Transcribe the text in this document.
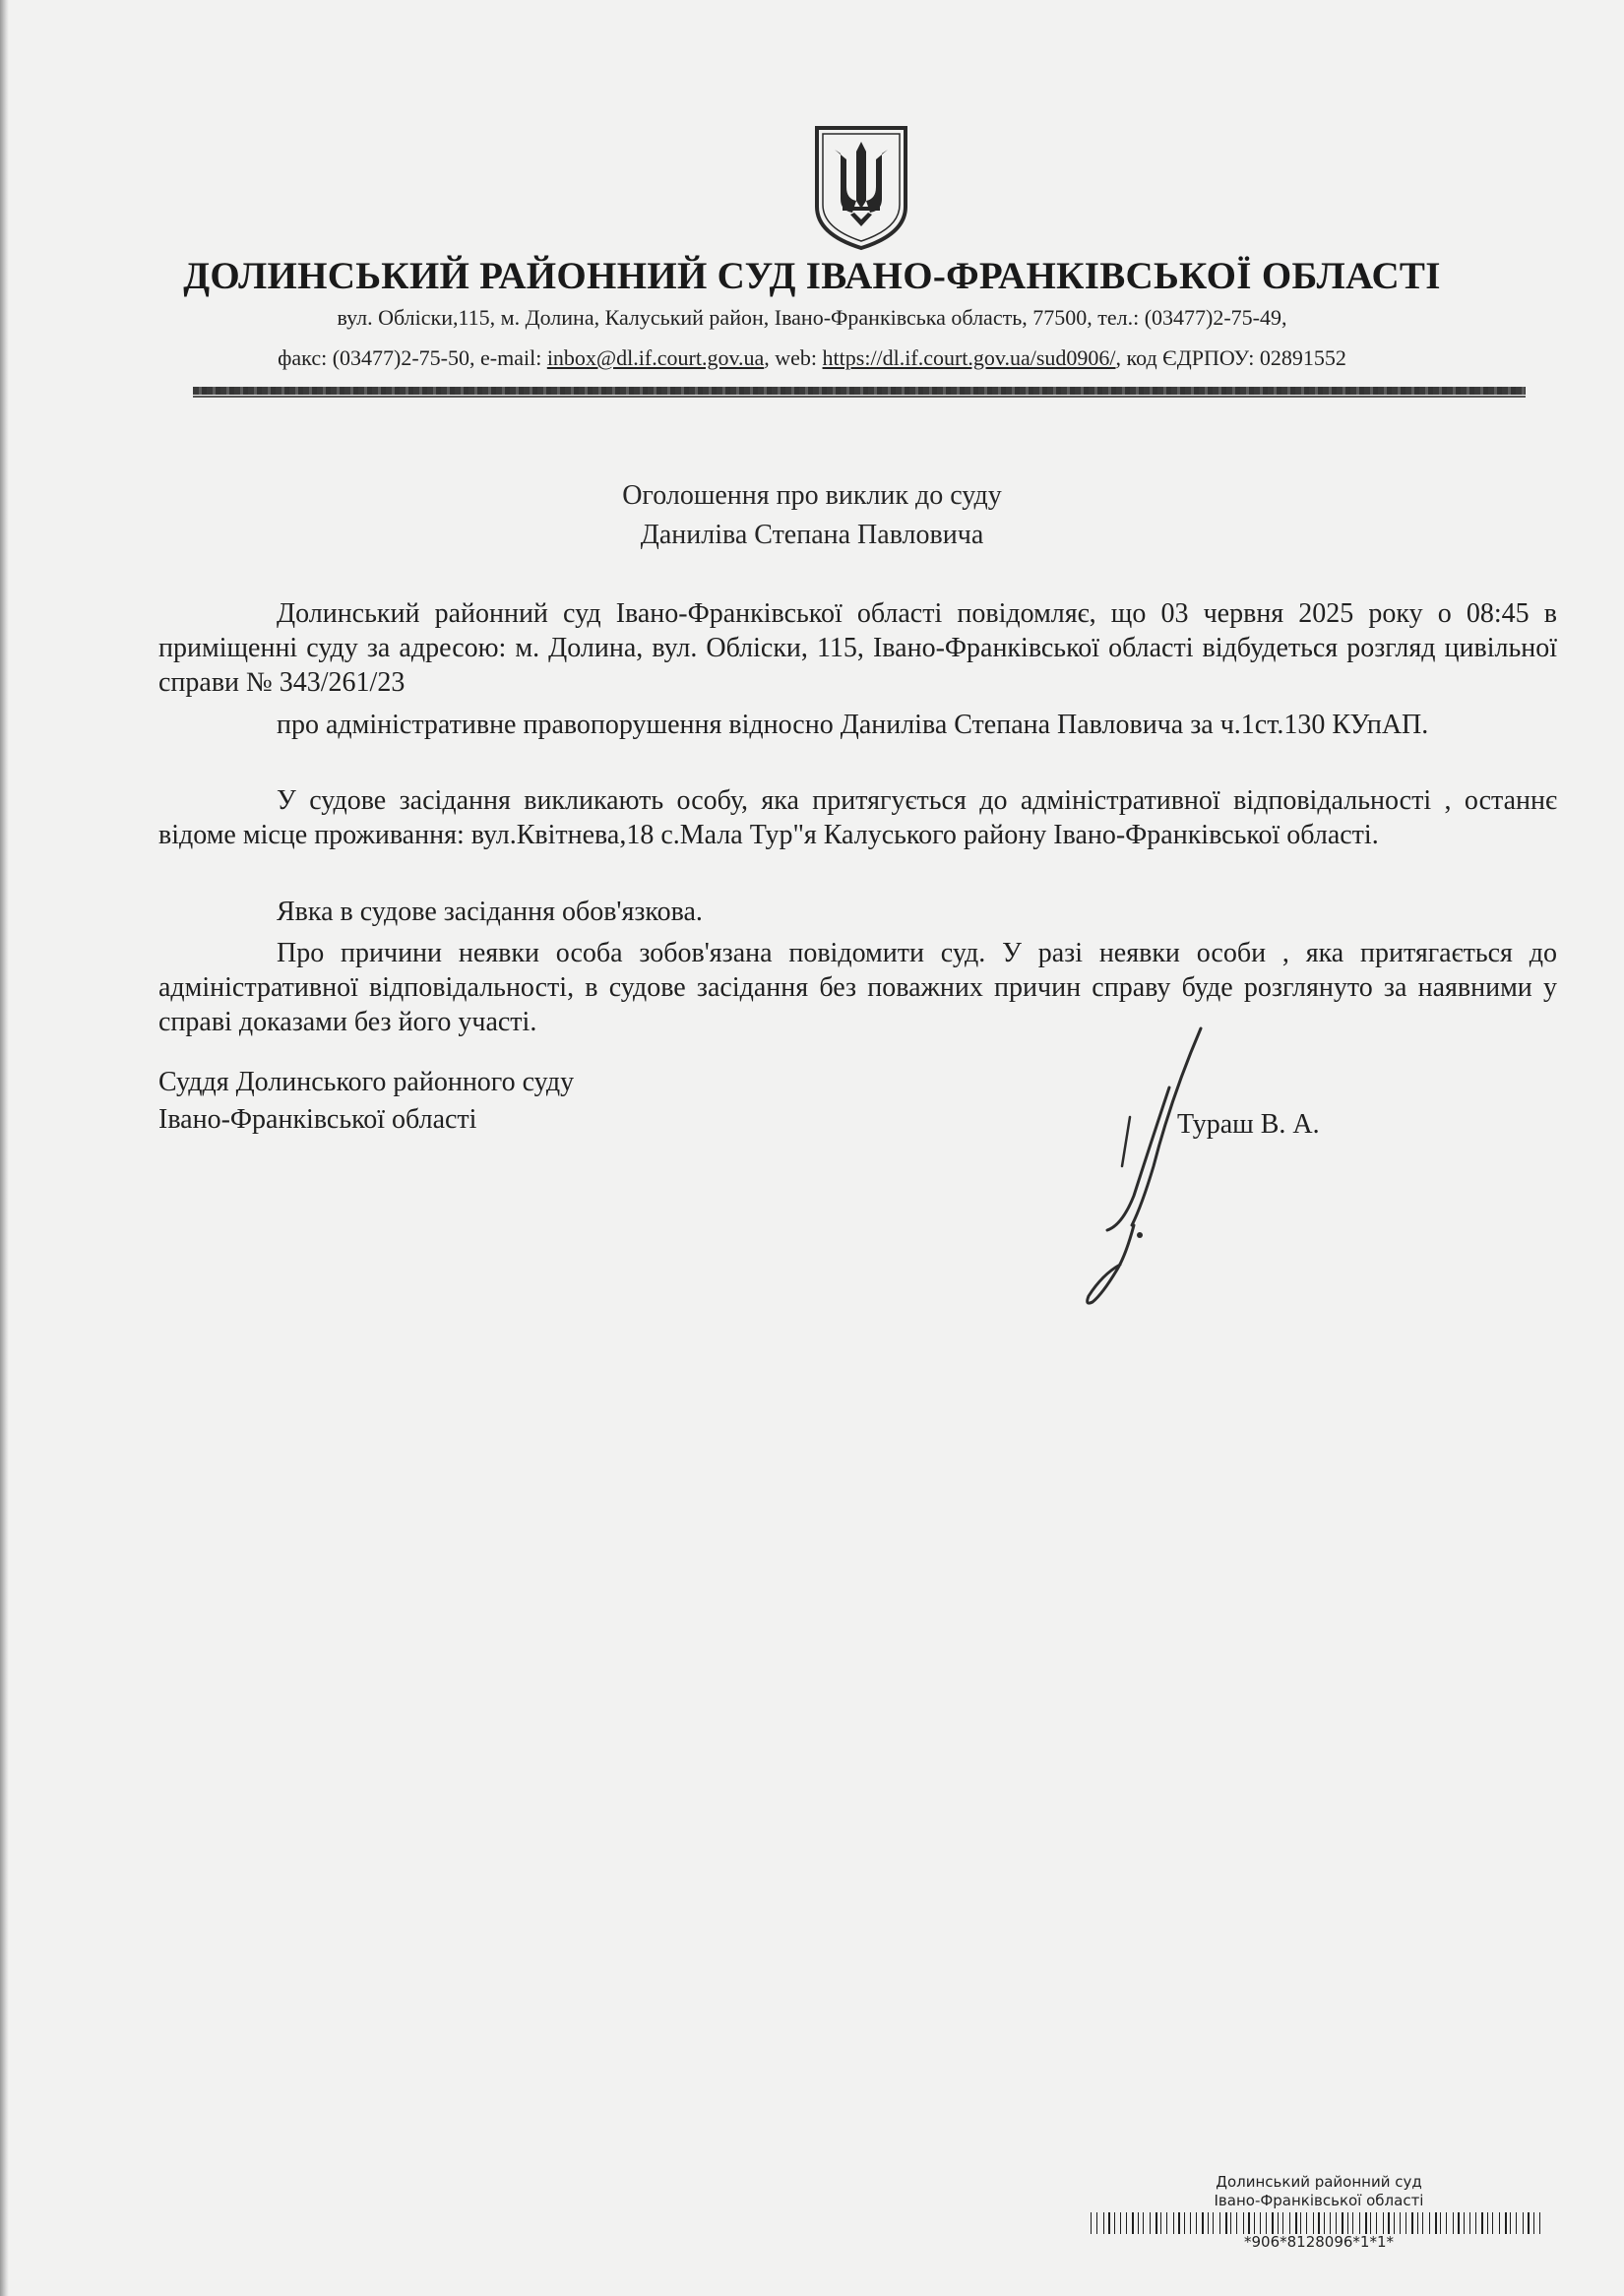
ДОЛИНСЬКИЙ РАЙОННИЙ СУД ІВАНО-ФРАНКІВСЬКОЇ ОБЛАСТІ
вул. Обліски,115, м. Долина, Калуський район, Івано-Франківська область, 77500, тел.: (03477)2-75-49,
факс: (03477)2-75-50, e-mail: inbox@dl.if.court.gov.ua, web: https://dl.if.court.gov.ua/sud0906/, код ЄДРПОУ: 02891552
Оголошення про виклик до суду
Даниліва Степана Павловича

Долинський районний суд Івано-Франківської області повідомляє, що 03 червня 2025 року о 08:45 в приміщенні суду за адресою: м. Долина, вул. Обліски, 115, Івано-Франківської області відбудеться розгляд цивільної справи № 343/261/23

про адміністративне правопорушення відносно Даниліва Степана Павловича за ч.1ст.130 КУпАП.

У судове засідання викликають особу, яка притягується до адміністративної відповідальності , останнє відоме місце проживання: вул.Квітнева,18 с.Мала Тур"я Калуського району Івано-Франківської області.

Явка в судове засідання обов'язкова.

Про причини неявки особа зобов'язана повідомити суд. У разі неявки особи , яка притягається до адміністративної відповідальності, в судове засідання без поважних причин справу буде розглянуто за наявними у справі доказами без його участі.

Суддя Долинського районного суду
Івано-Франківської області	Тураш В. А.
Долинський районний суд
Івано-Франківської області
*906*8128096*1*1*
